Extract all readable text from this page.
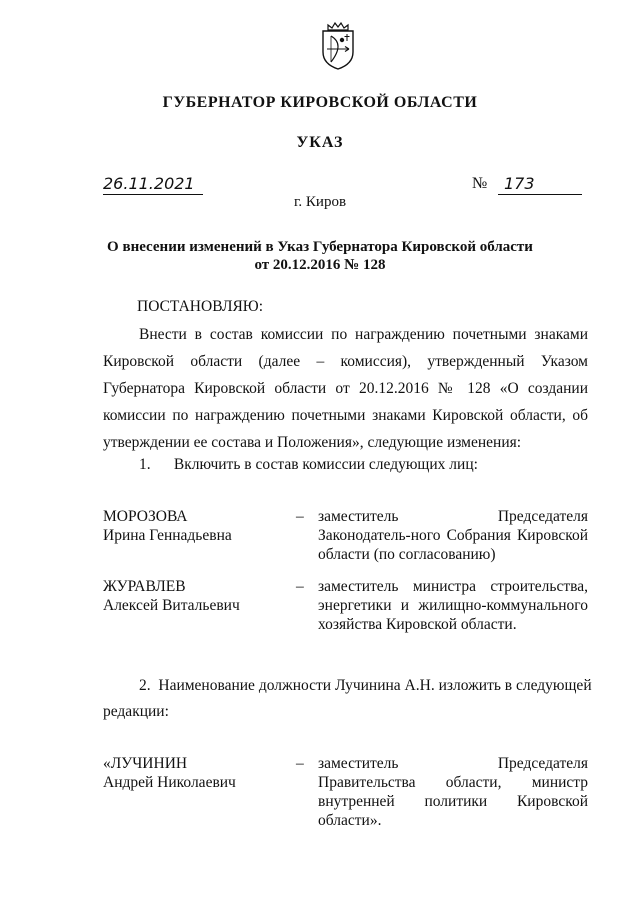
ГУБЕРНАТОР КИРОВСКОЙ ОБЛАСТИ
УКАЗ
26.11.2021	№	173
г. Киров
О внесении изменений в Указ Губернатора Кировской области
от 20.12.2016 № 128

ПОСТАНОВЛЯЮ:

Внести в состав комиссии по награждению почетными знаками Кировской области (далее – комиссия), утвержденный Указом Губернатора Кировской области от 20.12.2016 № 128 «О создании комиссии по награждению почетными знаками Кировской области, об утверждении ее состава и Положения», следующие изменения:

1.      Включить в состав комиссии следующих лиц:

МОРОЗОВА
Ирина Геннадьевна
– заместитель Председателя Законодатель-ного Собрания Кировской области (по согласованию)
ЖУРАВЛЕВ
Алексей Витальевич
– заместитель министра строительства, энергетики и жилищно-коммунального хозяйства Кировской области.

2.  Наименование должности Лучинина А.Н. изложить в следующей

редакции:

«ЛУЧИНИН
Андрей Николаевич
– заместитель Председателя Правительства области, министр внутренней политики Кировской области».
